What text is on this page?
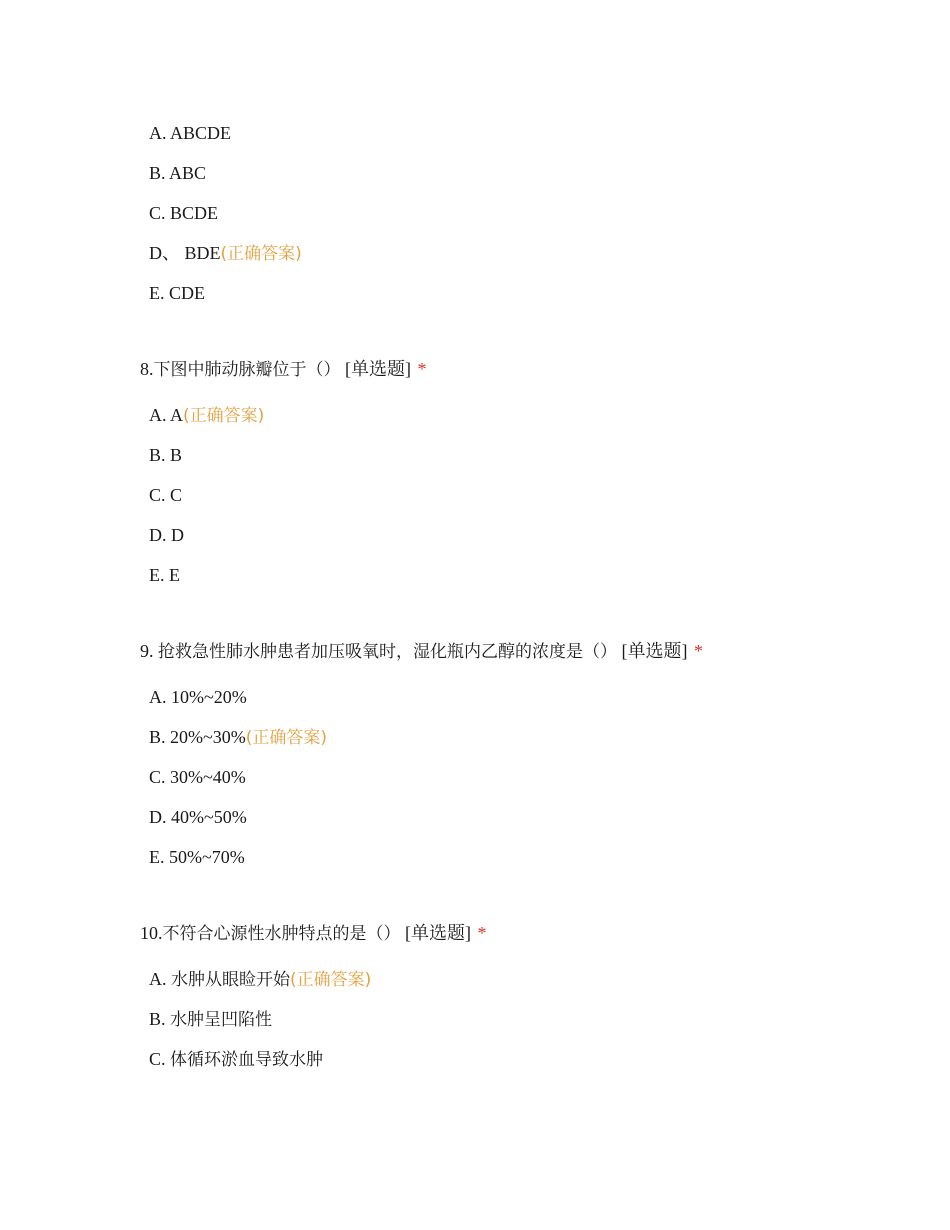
A. ABCDE
B. ABC
C. BCDE
D、 BDE(正确答案)
E. CDE
8.下图中肺动脉瓣位于（） [单选题] *
A. A(正确答案)
B. B
C. C
D. D
E. E
9. 抢救急性肺水肿患者加压吸氧时，湿化瓶内乙醇的浓度是（） [单选题] *
A. 10%~20%
B. 20%~30%(正确答案)
C. 30%~40%
D. 40%~50%
E. 50%~70%
10.不符合心源性水肿特点的是（） [单选题] *
A. 水肿从眼睑开始(正确答案)
B. 水肿呈凹陷性
C. 体循环淤血导致水肿
